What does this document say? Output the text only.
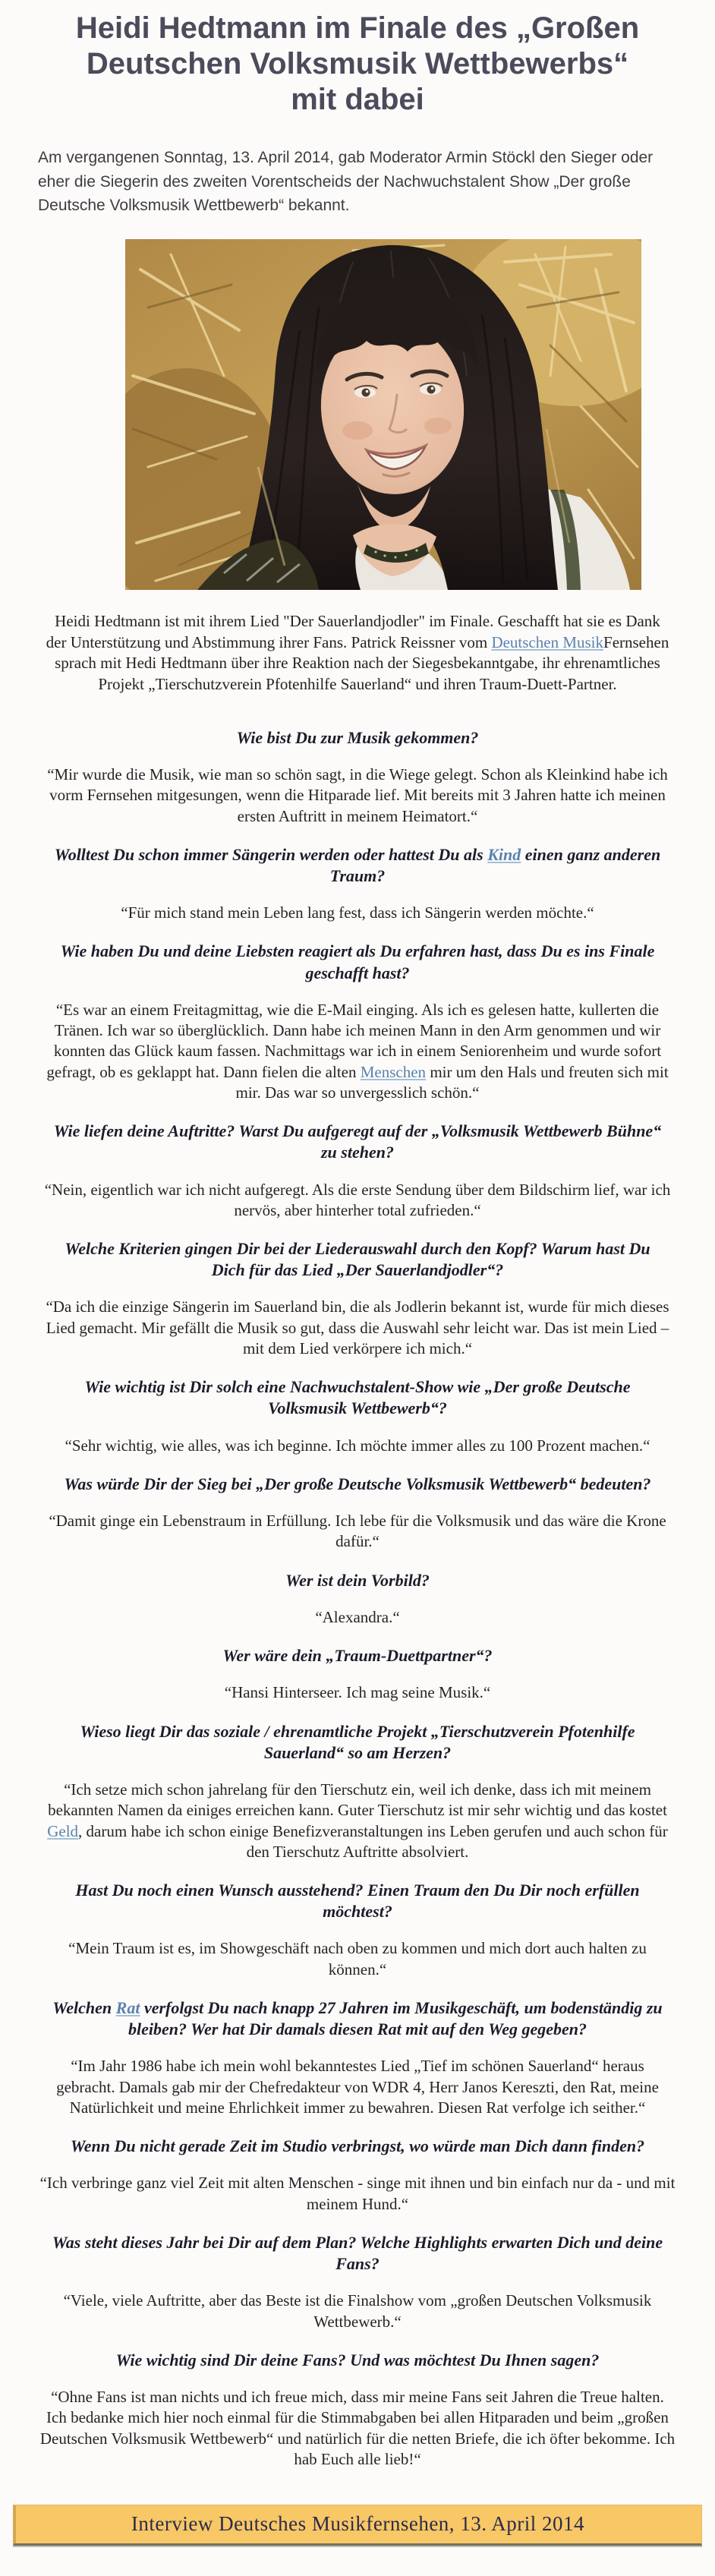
Heidi Hedtmann im Finale des „Großen Deutschen Volksmusik Wettbewerbs“ mit dabei

Am vergangenen Sonntag, 13. April 2014, gab Moderator Armin Stöckl den Sieger oder eher die Siegerin des zweiten Vorentscheids der Nachwuchstalent Show „Der große Deutsche Volksmusik Wettbewerb“ bekannt.

Heidi Hedtmann ist mit ihrem Lied "Der Sauerlandjodler" im Finale. Geschafft hat sie es Dank der Unterstützung und Abstimmung ihrer Fans. Patrick Reissner vom Deutschen MusikFernsehen sprach mit Hedi Hedtmann über ihre Reaktion nach der Siegesbekanntgabe, ihr ehrenamtliches Projekt „Tierschutzverein Pfotenhilfe Sauerland“ und ihren Traum-Duett-Partner.

Wie bist Du zur Musik gekommen?

“Mir wurde die Musik, wie man so schön sagt, in die Wiege gelegt. Schon als Kleinkind habe ich vorm Fernsehen mitgesungen, wenn die Hitparade lief. Mit bereits mit 3 Jahren hatte ich meinen ersten Auftritt in meinem Heimatort.“

Wolltest Du schon immer Sängerin werden oder hattest Du als Kind einen ganz anderen Traum?

“Für mich stand mein Leben lang fest, dass ich Sängerin werden möchte.“

Wie haben Du und deine Liebsten reagiert als Du erfahren hast, dass Du es ins Finale geschafft hast?

“Es war an einem Freitagmittag, wie die E-Mail einging. Als ich es gelesen hatte, kullerten die Tränen. Ich war so überglücklich. Dann habe ich meinen Mann in den Arm genommen und wir konnten das Glück kaum fassen. Nachmittags war ich in einem Seniorenheim und wurde sofort gefragt, ob es geklappt hat. Dann fielen die alten Menschen mir um den Hals und freuten sich mit mir. Das war so unvergesslich schön.“

Wie liefen deine Auftritte? Warst Du aufgeregt auf der „Volksmusik Wettbewerb Bühne“ zu stehen?

“Nein, eigentlich war ich nicht aufgeregt. Als die erste Sendung über dem Bildschirm lief, war ich nervös, aber hinterher total zufrieden.“

Welche Kriterien gingen Dir bei der Liederauswahl durch den Kopf? Warum hast Du Dich für das Lied „Der Sauerlandjodler“?

“Da ich die einzige Sängerin im Sauerland bin, die als Jodlerin bekannt ist, wurde für mich dieses Lied gemacht. Mir gefällt die Musik so gut, dass die Auswahl sehr leicht war. Das ist mein Lied – mit dem Lied verkörpere ich mich.“

Wie wichtig ist Dir solch eine Nachwuchstalent-Show wie „Der große Deutsche Volksmusik Wettbewerb“?

“Sehr wichtig, wie alles, was ich beginne. Ich möchte immer alles zu 100 Prozent machen.“

Was würde Dir der Sieg bei „Der große Deutsche Volksmusik Wettbewerb“ bedeuten?

“Damit ginge ein Lebenstraum in Erfüllung. Ich lebe für die Volksmusik und das wäre die Krone dafür.“

Wer ist dein Vorbild?

“Alexandra.“

Wer wäre dein „Traum-Duettpartner“?

“Hansi Hinterseer. Ich mag seine Musik.“

Wieso liegt Dir das soziale / ehrenamtliche Projekt „Tierschutzverein Pfotenhilfe Sauerland“ so am Herzen?

“Ich setze mich schon jahrelang für den Tierschutz ein, weil ich denke, dass ich mit meinem bekannten Namen da einiges erreichen kann. Guter Tierschutz ist mir sehr wichtig und das kostet Geld, darum habe ich schon einige Benefizveranstaltungen ins Leben gerufen und auch schon für den Tierschutz Auftritte absolviert.

Hast Du noch einen Wunsch ausstehend? Einen Traum den Du Dir noch erfüllen möchtest?

“Mein Traum ist es, im Showgeschäft nach oben zu kommen und mich dort auch halten zu können.“

Welchen Rat verfolgst Du nach knapp 27 Jahren im Musikgeschäft, um bodenständig zu bleiben? Wer hat Dir damals diesen Rat mit auf den Weg gegeben?

“Im Jahr 1986 habe ich mein wohl bekanntestes Lied „Tief im schönen Sauerland“ heraus gebracht. Damals gab mir der Chefredakteur von WDR 4, Herr Janos Kereszti, den Rat, meine Natürlichkeit und meine Ehrlichkeit immer zu bewahren. Diesen Rat verfolge ich seither.“

Wenn Du nicht gerade Zeit im Studio verbringst, wo würde man Dich dann finden?

“Ich verbringe ganz viel Zeit mit alten Menschen - singe mit ihnen und bin einfach nur da - und mit meinem Hund.“

Was steht dieses Jahr bei Dir auf dem Plan? Welche Highlights erwarten Dich und deine Fans?

“Viele, viele Auftritte, aber das Beste ist die Finalshow vom „großen Deutschen Volksmusik Wettbewerb.“

Wie wichtig sind Dir deine Fans? Und was möchtest Du Ihnen sagen?

“Ohne Fans ist man nichts und ich freue mich, dass mir meine Fans seit Jahren die Treue halten. Ich bedanke mich hier noch einmal für die Stimmabgaben bei allen Hitparaden und beim „großen Deutschen Volksmusik Wettbewerb“ und natürlich für die netten Briefe, die ich öfter bekomme. Ich hab Euch alle lieb!“

Interview Deutsches Musikfernsehen, 13. April 2014
